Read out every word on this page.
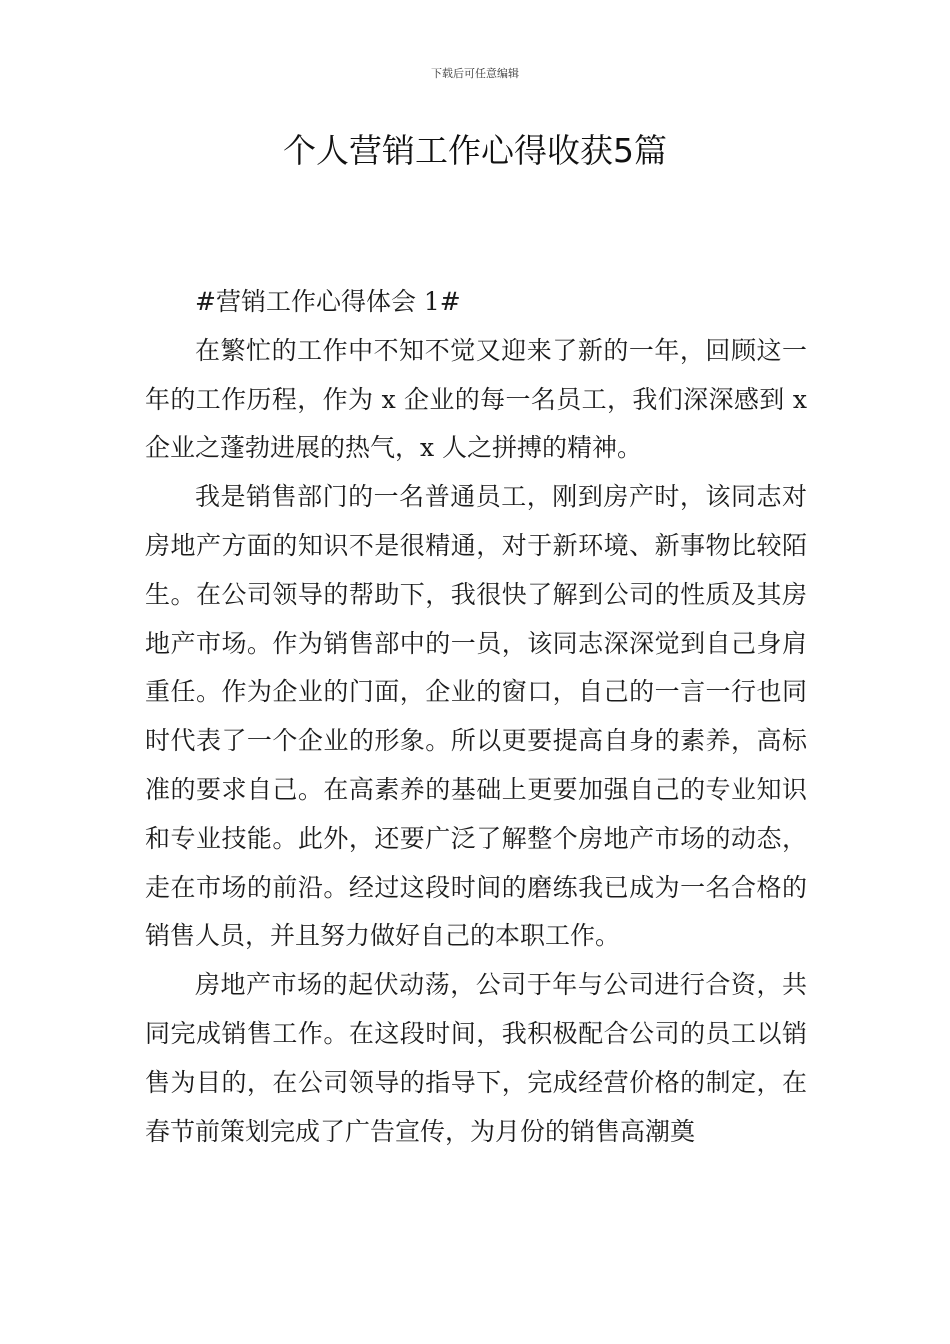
下载后可任意编辑
个人营销工作心得收获5篇

#营销工作心得体会 1#

在繁忙的工作中不知不觉又迎来了新的一年，回顾这一年的工作历程，作为 x 企业的每一名员工，我们深深感到 x 企业之蓬勃进展的热气，x 人之拼搏的精神。

我是销售部门的一名普通员工，刚到房产时，该同志对房地产方面的知识不是很精通，对于新环境、新事物比较陌生。在公司领导的帮助下，我很快了解到公司的性质及其房地产市场。作为销售部中的一员，该同志深深觉到自己身肩重任。作为企业的门面，企业的窗口，自己的一言一行也同时代表了一个企业的形象。所以更要提高自身的素养，高标准的要求自己。在高素养的基础上更要加强自己的专业知识和专业技能。此外，还要广泛了解整个房地产市场的动态，走在市场的前沿。经过这段时间的磨练我已成为一名合格的销售人员，并且努力做好自己的本职工作。

房地产市场的起伏动荡，公司于年与公司进行合资，共同完成销售工作。在这段时间，我积极配合公司的员工以销售为目的，在公司领导的指导下，完成经营价格的制定，在春节前策划完成了广告宣传，为月份的销售高潮奠
